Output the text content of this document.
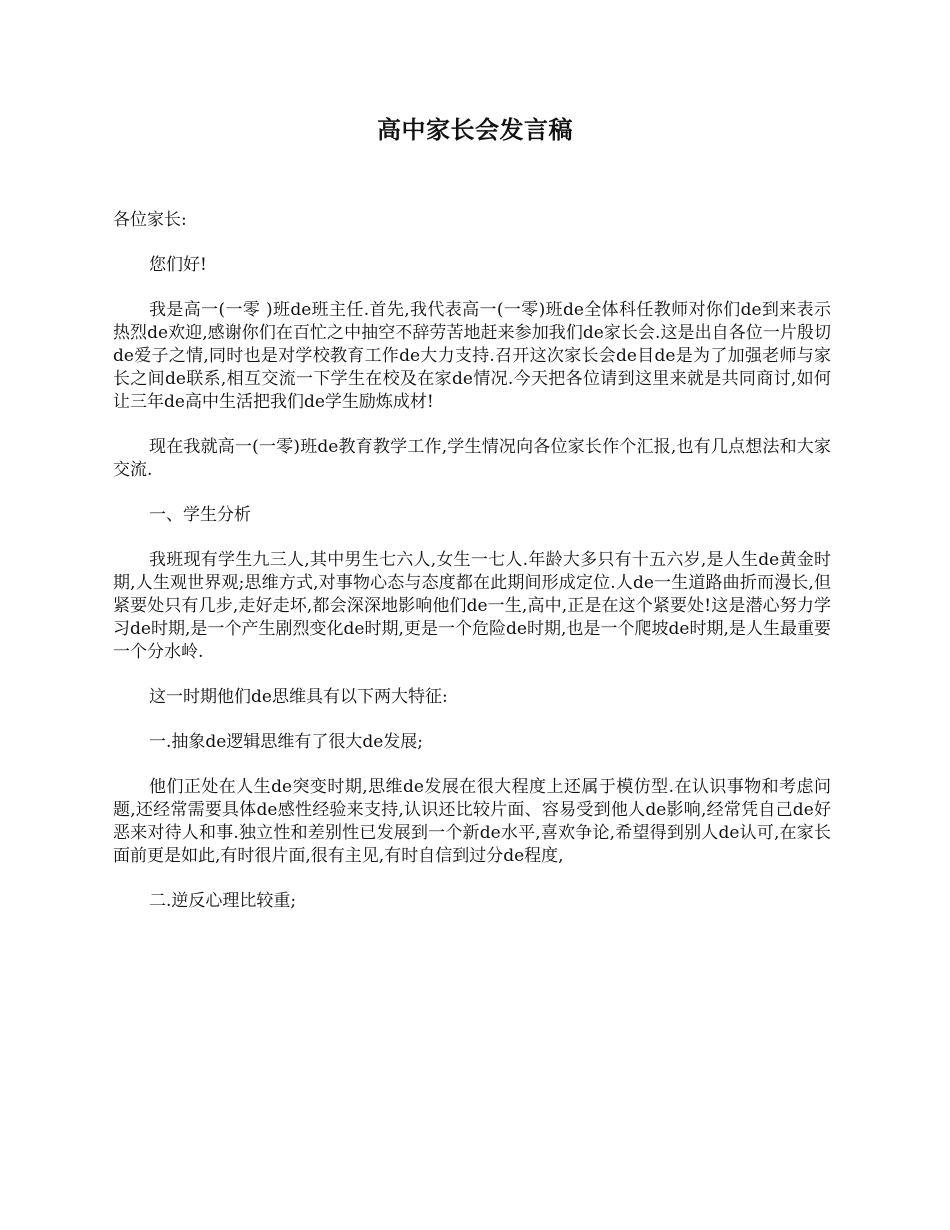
高中家长会发言稿

各位家长:

您们好!

我是高一(一零 )班de班主任.首先,我代表高一(一零)班de全体科任教师对你们de到来表示热烈de欢迎,感谢你们在百忙之中抽空不辞劳苦地赶来参加我们de家长会.这是出自各位一片殷切de爱子之情,同时也是对学校教育工作de大力支持.召开这次家长会de目de是为了加强老师与家长之间de联系,相互交流一下学生在校及在家de情况.今天把各位请到这里来就是共同商讨,如何让三年de高中生活把我们de学生励炼成材!

现在我就高一(一零)班de教育教学工作,学生情况向各位家长作个汇报,也有几点想法和大家交流.

一、学生分析

我班现有学生九三人,其中男生七六人,女生一七人.年龄大多只有十五六岁,是人生de黄金时期,人生观世界观;思维方式,对事物心态与态度都在此期间形成定位.人de一生道路曲折而漫长,但紧要处只有几步,走好走坏,都会深深地影响他们de一生,高中,正是在这个紧要处!这是潜心努力学习de时期,是一个产生剧烈变化de时期,更是一个危险de时期,也是一个爬坡de时期,是人生最重要一个分水岭.

这一时期他们de思维具有以下两大特征:

一.抽象de逻辑思维有了很大de发展;

他们正处在人生de突变时期,思维de发展在很大程度上还属于模仿型.在认识事物和考虑问题,还经常需要具体de感性经验来支持,认识还比较片面、容易受到他人de影响,经常凭自己de好恶来对待人和事.独立性和差别性已发展到一个新de水平,喜欢争论,希望得到别人de认可,在家长面前更是如此,有时很片面,很有主见,有时自信到过分de程度,

二.逆反心理比较重;
